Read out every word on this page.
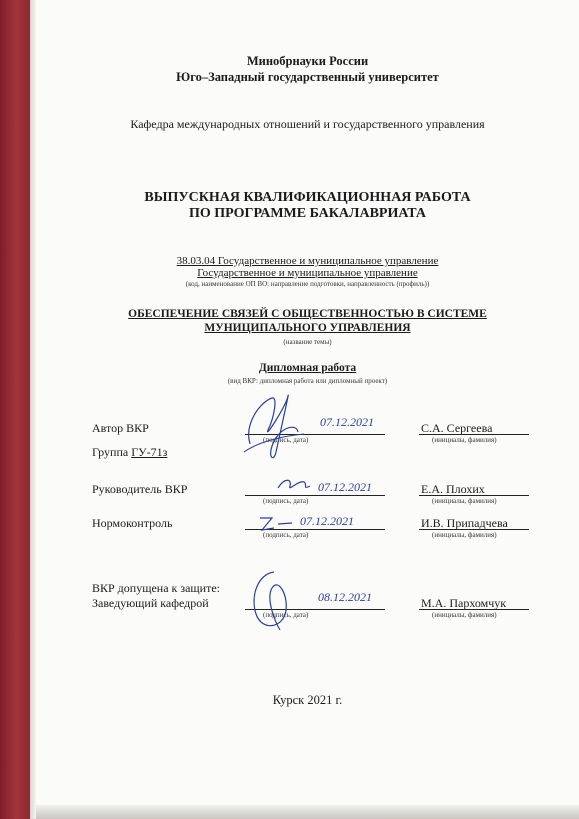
Минобрнауки России
Юго–Западный государственный университет
Кафедра международных отношений и государственного управления
ВЫПУСКНАЯ КВАЛИФИКАЦИОННАЯ РАБОТА
ПО ПРОГРАММЕ БАКАЛАВРИАТА
38.03.04 Государственное и муниципальное управление
Государственное и муниципальное управление
(код, наименование ОП ВО: направление подготовки, направленность (профиль))
ОБЕСПЕЧЕНИЕ СВЯЗЕЙ С ОБЩЕСТВЕННОСТЬЮ В СИСТЕМЕ
МУНИЦИПАЛЬНОГО УПРАВЛЕНИЯ
(название темы)
Дипломная работа
(вид ВКР: дипломная работа или дипломный проект)
Автор ВКР
(подпись, дата)
С.А. Сергеева
(инициалы, фамилия)
07.12.2021
Группа ГУ-71з
Руководитель ВКР
(подпись, дата)
Е.А. Плохих
(инициалы, фамилия)
07.12.2021
Нормоконтроль
(подпись, дата)
И.В. Припадчева
(инициалы, фамилия)
07.12.2021
ВКР допущена к защите:
Заведующий кафедрой
(подпись, дата)
М.А. Пархомчук
(инициалы, фамилия)
08.12.2021
Курск 2021 г.
